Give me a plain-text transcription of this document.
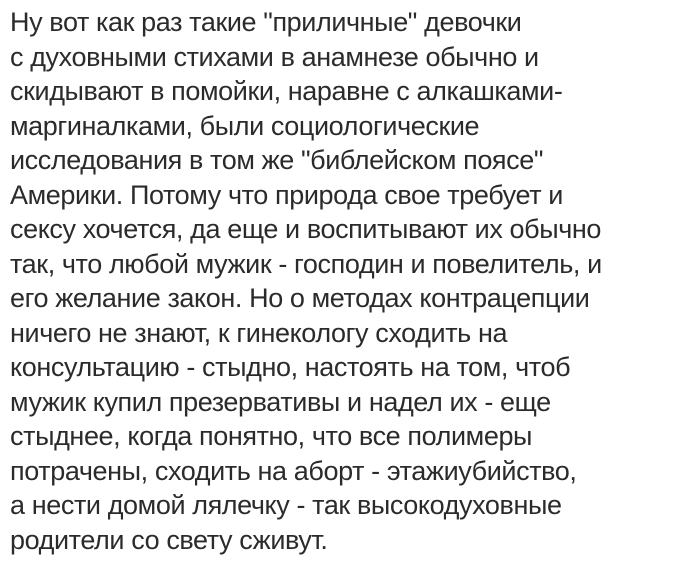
Ну вот как раз такие "приличные" девочки

с духовными стихами в анамнезе обычно и

скидывают в помойки, наравне с алкашками-

маргиналками, были социологические

исследования в том же "библейском поясе"

Америки. Потому что природа свое требует и

сексу хочется, да еще и воспитывают их обычно

так, что любой мужик - господин и повелитель, и

его желание закон. Но о методах контрацепции

ничего не знают, к гинекологу сходить на

консультацию - стыдно, настоять на том, чтоб

мужик купил презервативы и надел их - еще

стыднее, когда понятно, что все полимеры

потрачены, сходить на аборт - этажиубийство,

а нести домой лялечку - так высокодуховные

родители со свету сживут.
